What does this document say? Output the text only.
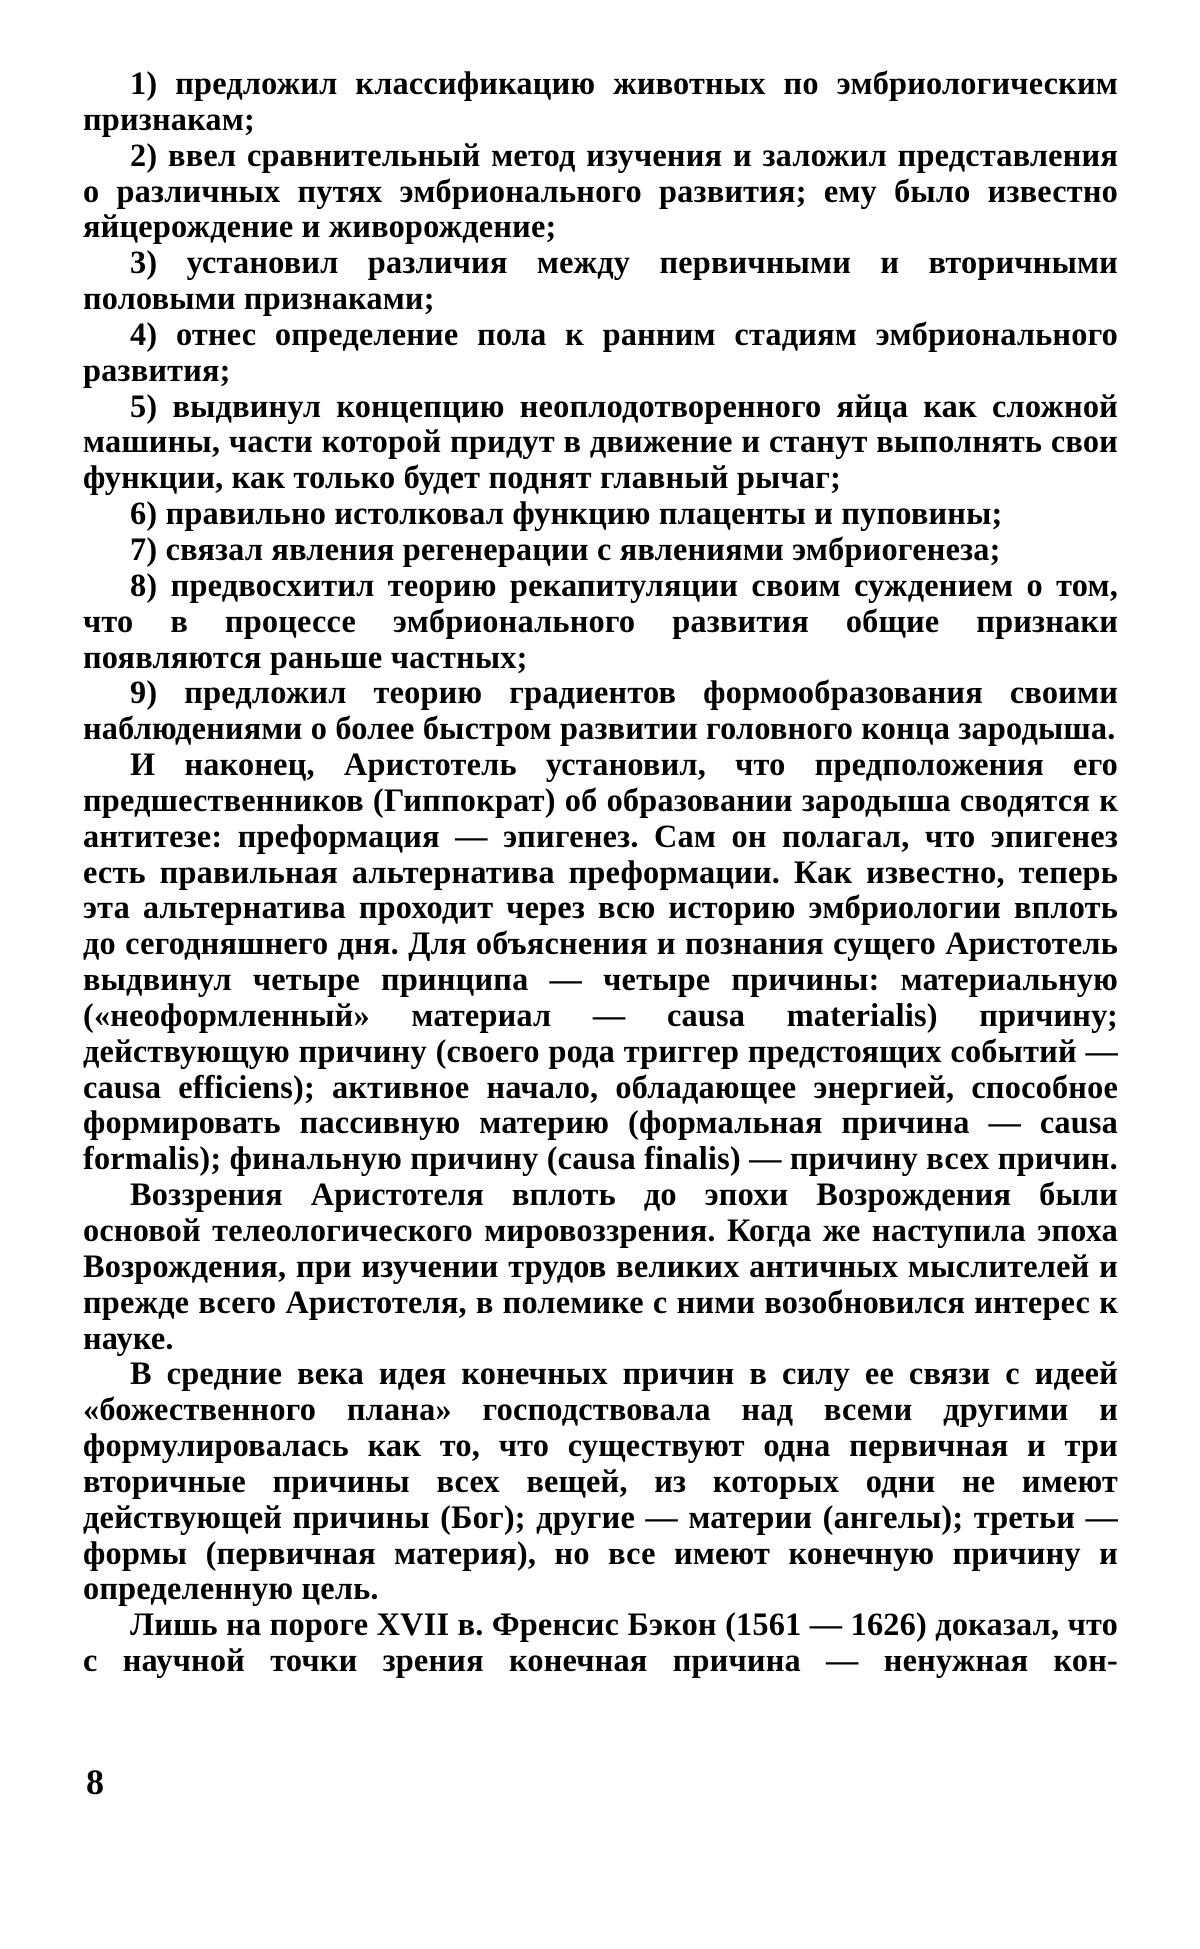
1) предложил классификацию животных по эмбриологическим признакам;

2) ввел сравнительный метод изучения и заложил представления о различных путях эмбрионального развития; ему было известно яйцерождение и живорождение;

3) установил различия между первичными и вторичными половыми признаками;

4) отнес определение пола к ранним стадиям эмбрионального развития;

5) выдвинул концепцию неоплодотворенного яйца как сложной машины, части которой придут в движение и станут выполнять свои функции, как только будет поднят главный рычаг;

6) правильно истолковал функцию плаценты и пуповины;

7) связал явления регенерации с явлениями эмбриогенеза;

8) предвосхитил теорию рекапитуляции своим суждением о том, что в процессе эмбрионального развития общие признаки появляются раньше частных;

9) предложил теорию градиентов формообразования своими наблюдениями о более быстром развитии головного конца зародыша.

И наконец, Аристотель установил, что предположения его предшественников (Гиппократ) об образовании зародыша сводятся к антитезе: преформация — эпигенез. Сам он полагал, что эпигенез есть правильная альтернатива преформации. Как известно, теперь эта альтернатива проходит через всю историю эмбриологии вплоть до сегодняшнего дня. Для объяснения и познания сущего Аристотель выдвинул четыре принципа — четыре причины: материальную («неоформленный» материал — causa materialis) причину; действующую причину (своего рода триггер предстоящих событий — causa efficiens); активное начало, обладающее энергией, способное формировать пассивную материю (формальная причина — causa formalis); финальную причину (causa finalis) — причину всех причин.

Воззрения Аристотеля вплоть до эпохи Возрождения были основой телеологического мировоззрения. Когда же наступила эпоха Возрождения, при изучении трудов великих античных мыслителей и прежде всего Аристотеля, в полемике с ними возобновился интерес к науке.

В средние века идея конечных причин в силу ее связи с идеей «божественного плана» господствовала над всеми другими и формулировалась как то, что существуют одна первичная и три вторичные причины всех вещей, из которых одни не имеют действующей причины (Бог); другие — материи (ангелы); третьи — формы (первичная материя), но все имеют конечную причину и определенную цель.

Лишь на пороге XVII в. Френсис Бэкон (1561 — 1626) доказал, что с научной точки зрения конечная причина — ненужная кон-

8
